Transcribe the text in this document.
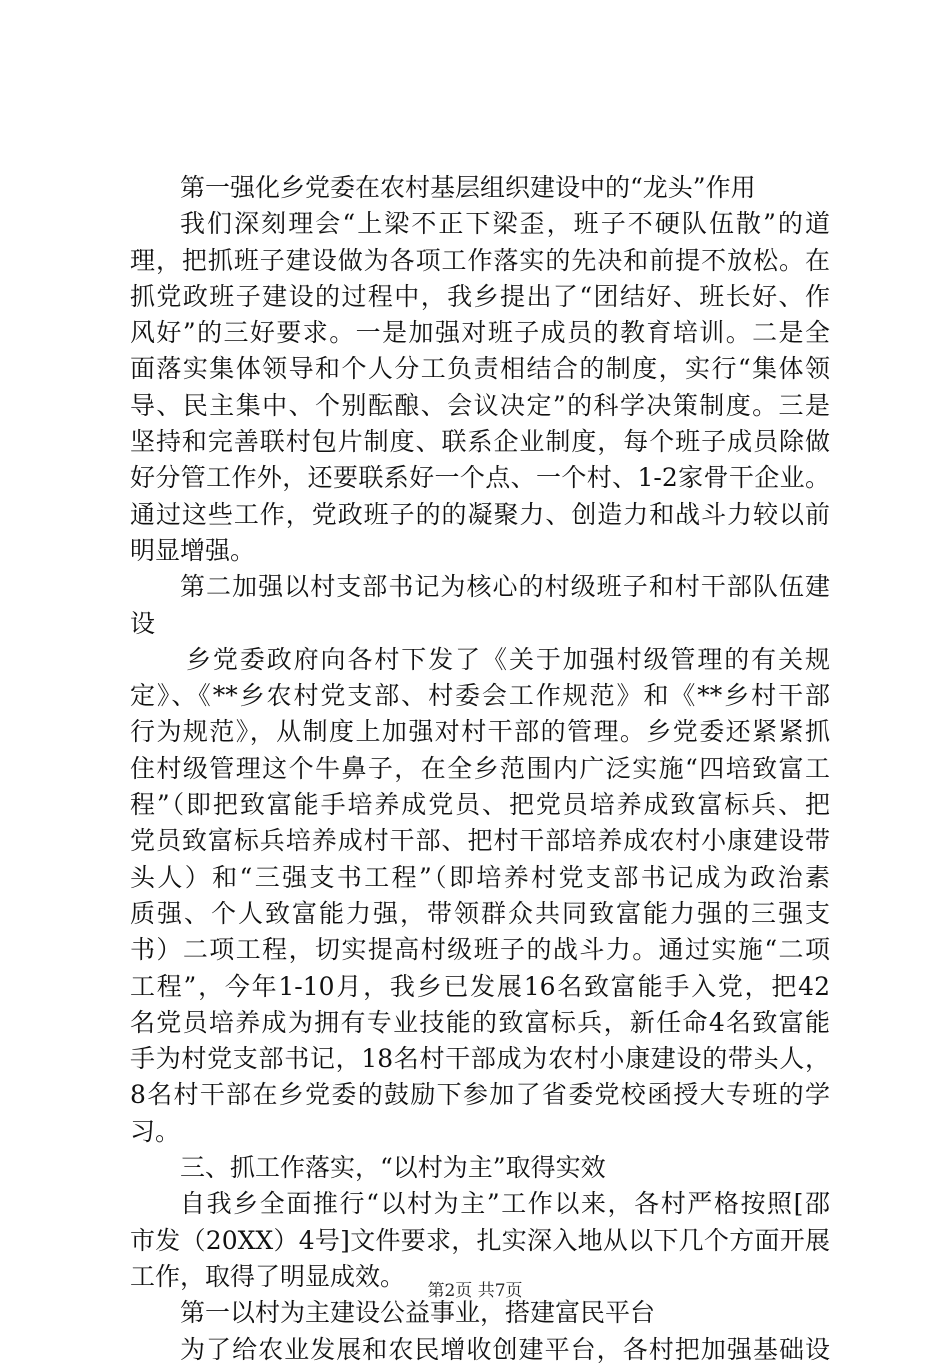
第一强化乡党委在农村基层组织建设中的“龙头”作用
我们深刻理会“上梁不正下梁歪，班子不硬队伍散”的道
理，把抓班子建设做为各项工作落实的先决和前提不放松。在
抓党政班子建设的过程中，我乡提出了“团结好、班长好、作
风好”的三好要求。一是加强对班子成员的教育培训。二是全
面落实集体领导和个人分工负责相结合的制度，实行“集体领
导、民主集中、个别酝酿、会议决定”的科学决策制度。三是
坚持和完善联村包片制度、联系企业制度，每个班子成员除做
好分管工作外，还要联系好一个点、一个村、1-2家骨干企业。
通过这些工作，党政班子的的凝聚力、创造力和战斗力较以前
明显增强。
第二加强以村支部书记为核心的村级班子和村干部队伍建
设
乡党委政府向各村下发了《关于加强村级管理的有关规
定》、《**乡农村党支部、村委会工作规范》和《**乡村干部
行为规范》，从制度上加强对村干部的管理。乡党委还紧紧抓
住村级管理这个牛鼻子，在全乡范围内广泛实施“四培致富工
程”（即把致富能手培养成党员、把党员培养成致富标兵、把
党员致富标兵培养成村干部、把村干部培养成农村小康建设带
头人）和“三强支书工程”（即培养村党支部书记成为政治素
质强、个人致富能力强，带领群众共同致富能力强的三强支
书）二项工程，切实提高村级班子的战斗力。通过实施“二项
工程”，今年1-10月，我乡已发展16名致富能手入党，把42
名党员培养成为拥有专业技能的致富标兵，新任命4名致富能
手为村党支部书记，18名村干部成为农村小康建设的带头人，
8名村干部在乡党委的鼓励下参加了省委党校函授大专班的学
习。
三、抓工作落实，“以村为主”取得实效
自我乡全面推行“以村为主”工作以来，各村严格按照[邵
市发（20XX）4号]文件要求，扎实深入地从以下几个方面开展
工作，取得了明显成效。
第一以村为主建设公益事业，搭建富民平台
为了给农业发展和农民增收创建平台，各村把加强基础设
第2页 共7页
